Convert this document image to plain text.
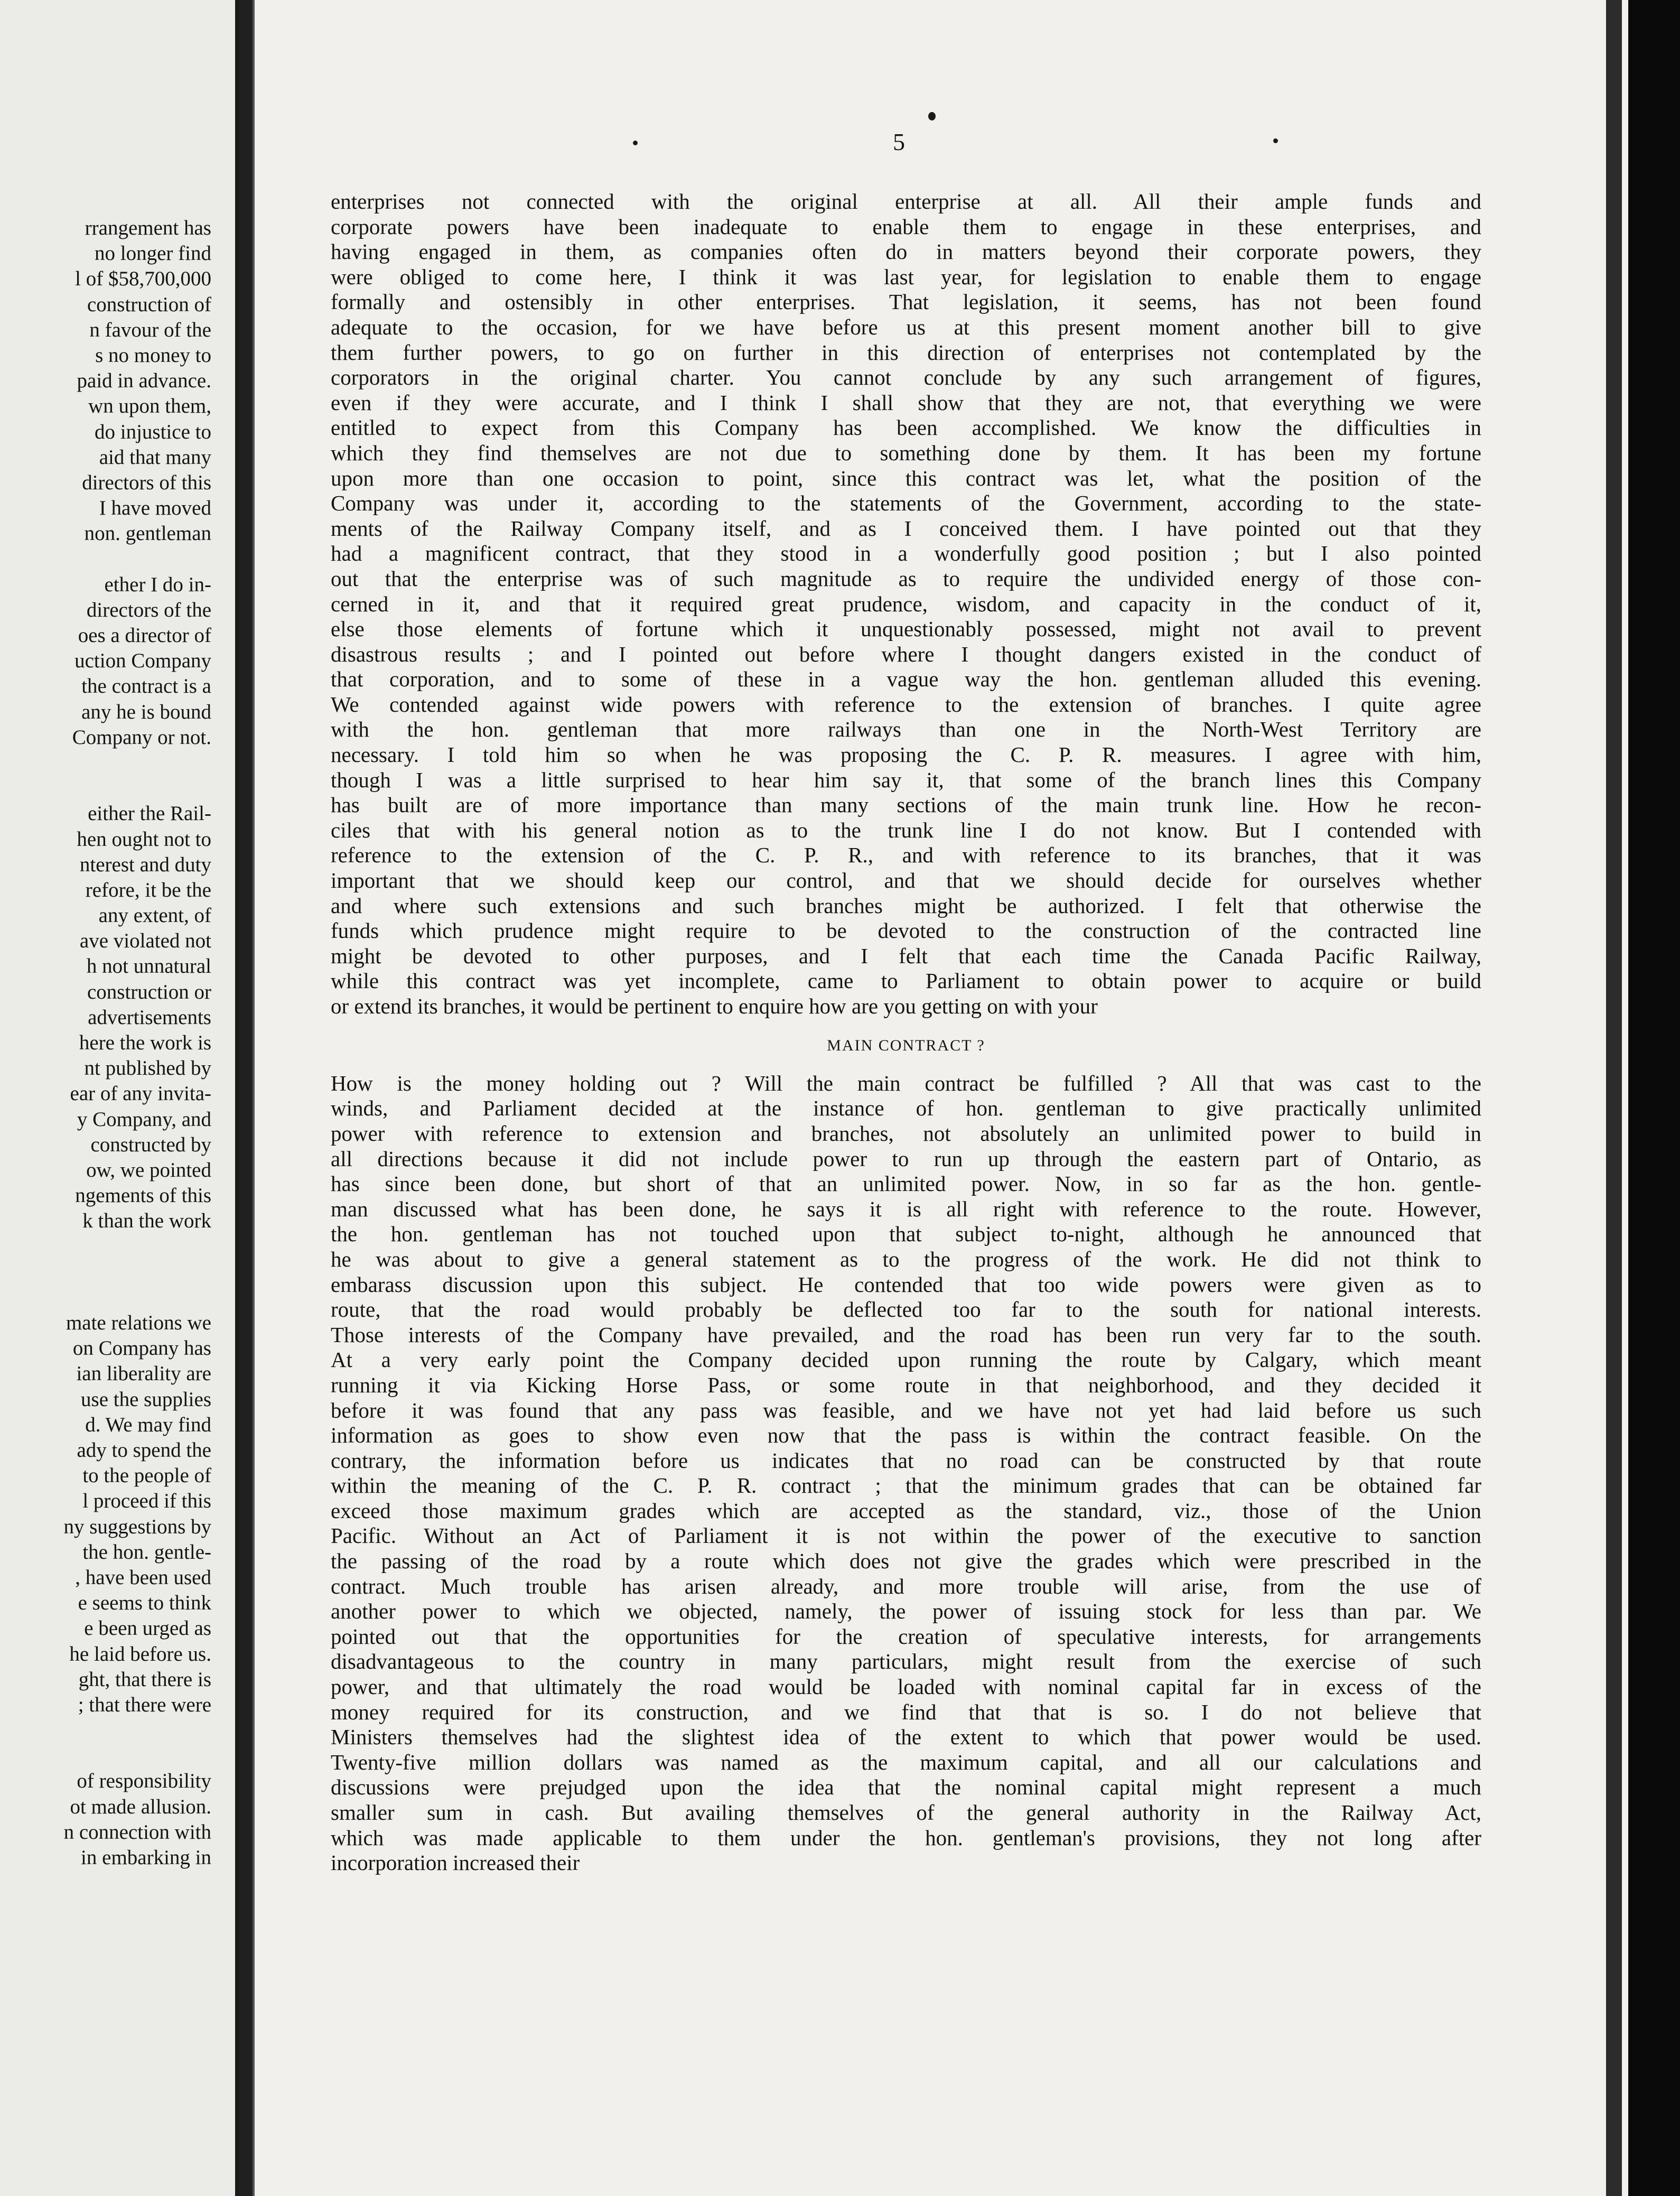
rrangement has
no longer find
l of $58,700,000
construction of
n favour of the
s no money to
paid in advance.
wn upon them,
do injustice to
aid that many
directors of this
I have moved
non. gentleman
ether I do in-
directors of the
oes a director of
uction Company
the contract is a
any he is bound
Company or not.
either the Rail-
hen ought not to
nterest and duty
refore, it be the
any extent, of
ave violated not
h not unnatural
construction or
advertisements
here the work is
nt published by
ear of any invita-
y Company, and
constructed by
ow, we pointed
ngements of this
k than the work
mate relations we
on Company has
ian liberality are
use the supplies
d. We may find
ady to spend the
to the people of
l proceed if this
ny suggestions by
the hon. gentle-
, have been used
e seems to think
e been urged as
he laid before us.
ght, that there is
; that there were
of responsibility
ot made allusion.
n connection with
in embarking in
5
enterprises not connected with the original enterprise at all. All their ample funds and
corporate powers have been inadequate to enable them to engage in these enterprises, and
having engaged in them, as companies often do in matters beyond their corporate powers, they
were obliged to come here, I think it was last year, for legislation to enable them to engage
formally and ostensibly in other enterprises. That legislation, it seems, has not been found
adequate to the occasion, for we have before us at this present moment another bill to give
them further powers, to go on further in this direction of enterprises not contemplated by the
corporators in the original charter. You cannot conclude by any such arrangement of figures,
even if they were accurate, and I think I shall show that they are not, that everything we were
entitled to expect from this Company has been accomplished. We know the difficulties in
which they find themselves are not due to something done by them. It has been my fortune
upon more than one occasion to point, since this contract was let, what the position of the
Company was under it, according to the statements of the Government, according to the state-
ments of the Railway Company itself, and as I conceived them. I have pointed out that they
had a magnificent contract, that they stood in a wonderfully good position ; but I also pointed
out that the enterprise was of such magnitude as to require the undivided energy of those con-
cerned in it, and that it required great prudence, wisdom, and capacity in the conduct of it,
else those elements of fortune which it unquestionably possessed, might not avail to prevent
disastrous results ; and I pointed out before where I thought dangers existed in the conduct of
that corporation, and to some of these in a vague way the hon. gentleman alluded this evening.
We contended against wide powers with reference to the extension of branches. I quite agree
with the hon. gentleman that more railways than one in the North-West Territory are
necessary. I told him so when he was proposing the C. P. R. measures. I agree with him,
though I was a little surprised to hear him say it, that some of the branch lines this Company
has built are of more importance than many sections of the main trunk line. How he recon-
ciles that with his general notion as to the trunk line I do not know. But I contended with
reference to the extension of the C. P. R., and with reference to its branches, that it was
important that we should keep our control, and that we should decide for ourselves whether
and where such extensions and such branches might be authorized. I felt that otherwise the
funds which prudence might require to be devoted to the construction of the contracted line
might be devoted to other purposes, and I felt that each time the Canada Pacific Railway,
while this contract was yet incomplete, came to Parliament to obtain power to acquire or build
or extend its branches, it would be pertinent to enquire how are you getting on with your
MAIN CONTRACT ?
How is the money holding out ? Will the main contract be fulfilled ? All that was cast to the
winds, and Parliament decided at the instance of hon. gentleman to give practically unlimited
power with reference to extension and branches, not absolutely an unlimited power to build in
all directions because it did not include power to run up through the eastern part of Ontario, as
has since been done, but short of that an unlimited power. Now, in so far as the hon. gentle-
man discussed what has been done, he says it is all right with reference to the route. However,
the hon. gentleman has not touched upon that subject to-night, although he announced that
he was about to give a general statement as to the progress of the work. He did not think to
embarass discussion upon this subject. He contended that too wide powers were given as to
route, that the road would probably be deflected too far to the south for national interests.
Those interests of the Company have prevailed, and the road has been run very far to the south.
At a very early point the Company decided upon running the route by Calgary, which meant
running it via Kicking Horse Pass, or some route in that neighborhood, and they decided it
before it was found that any pass was feasible, and we have not yet had laid before us such
information as goes to show even now that the pass is within the contract feasible. On the
contrary, the information before us indicates that no road can be constructed by that route
within the meaning of the C. P. R. contract ; that the minimum grades that can be obtained far
exceed those maximum grades which are accepted as the standard, viz., those of the Union
Pacific. Without an Act of Parliament it is not within the power of the executive to sanction
the passing of the road by a route which does not give the grades which were prescribed in the
contract. Much trouble has arisen already, and more trouble will arise, from the use of
another power to which we objected, namely, the power of issuing stock for less than par. We
pointed out that the opportunities for the creation of speculative interests, for arrangements
disadvantageous to the country in many particulars, might result from the exercise of such
power, and that ultimately the road would be loaded with nominal capital far in excess of the
money required for its construction, and we find that that is so. I do not believe that
Ministers themselves had the slightest idea of the extent to which that power would be used.
Twenty-five million dollars was named as the maximum capital, and all our calculations and
discussions were prejudged upon the idea that the nominal capital might represent a much
smaller sum in cash. But availing themselves of the general authority in the Railway Act,
which was made applicable to them under the hon. gentleman's provisions, they not long after
incorporation increased their
